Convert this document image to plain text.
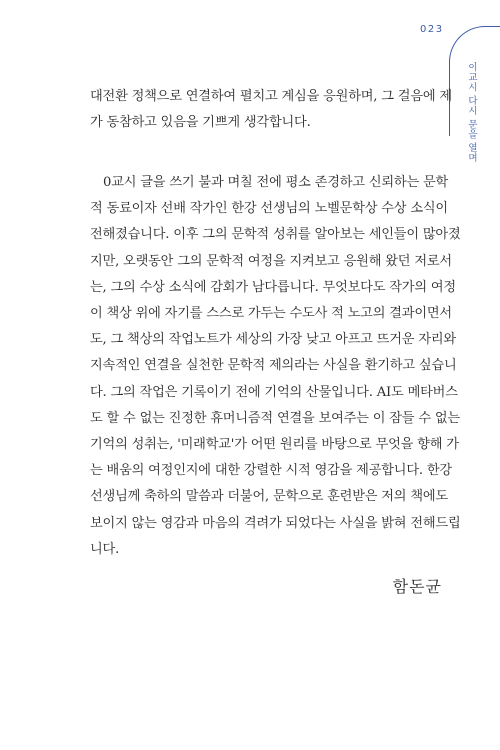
023
이교시 다시 문을 열며
대전환 정책으로 연결하여 펼치고 계심을 응원하며, 그 걸음에 제
가 동참하고 있음을 기쁘게 생각합니다.
0교시 글을 쓰기 불과 며칠 전에 평소 존경하고 신뢰하는 문학
적 동료이자 선배 작가인 한강 선생님의 노벨문학상 수상 소식이
전해졌습니다. 이후 그의 문학적 성취를 알아보는 세인들이 많아졌
지만, 오랫동안 그의 문학적 여정을 지켜보고 응원해 왔던 저로서
는, 그의 수상 소식에 감회가 남다릅니다. 무엇보다도 작가의 여정
이 책상 위에 자기를 스스로 가두는 수도사 적 노고의 결과이면서
도, 그 책상의 작업노트가 세상의 가장 낮고 아프고 뜨거운 자리와
지속적인 연결을 실천한 문학적 제의라는 사실을 환기하고 싶습니
다. 그의 작업은 기록이기 전에 기억의 산물입니다. AI도 메타버스
도 할 수 없는 진정한 휴머니즘적 연결을 보여주는 이 잠들 수 없는
기억의 성취는, '미래학교'가 어떤 원리를 바탕으로 무엇을 향해 가
는 배움의 여정인지에 대한 강렬한 시적 영감을 제공합니다. 한강
선생님께 축하의 말씀과 더불어, 문학으로 훈련받은 저의 책에도
보이지 않는 영감과 마음의 격려가 되었다는 사실을 밝혀 전해드립
니다.
함돈균
